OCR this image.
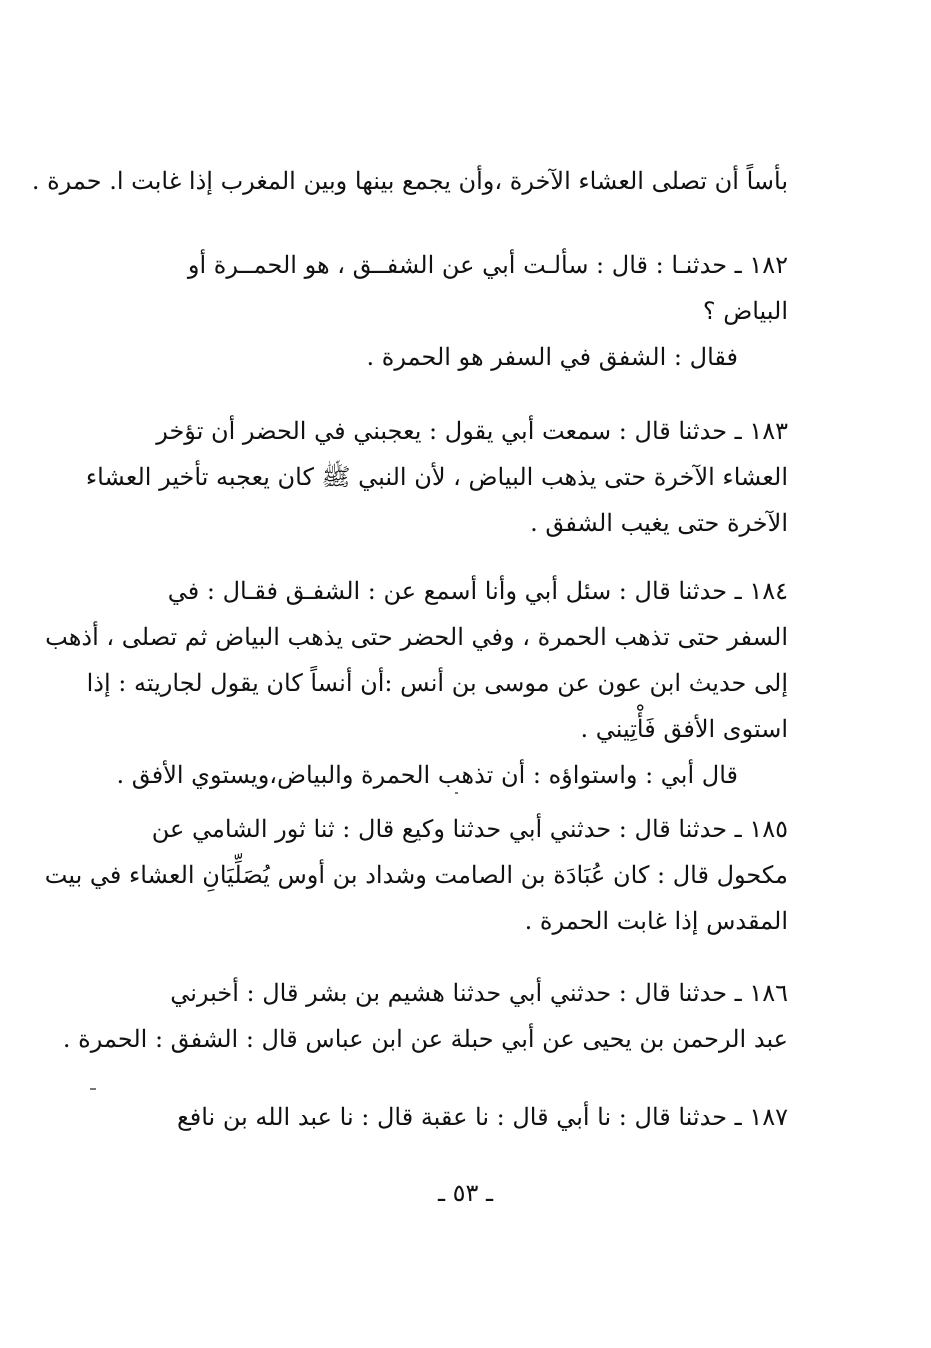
بأساً أن تصلى العشاء الآخرة ،وأن يجمع بينها وبين المغرب إذا غابت ا. حمرة .
١٨٢ ـ حدثنـا : قال : سألـت أبي عن الشفــق ، هو الحمــرة أو
البياض ؟
فقال : الشفق في السفر هو الحمرة .
١٨٣ ـ حدثنا قال : سمعت أبي يقول : يعجبني في الحضر أن تؤخر
العشاء الآخرة حتى يذهب البياض ، لأن النبي ﷺ كان يعجبه تأخير العشاء
الآخرة حتى يغيب الشفق .
١٨٤ ـ حدثنا قال : سئل أبي وأنا أسمع عن : الشفـق فقـال : في
السفر حتى تذهب الحمرة ، وفي الحضر حتى يذهب البياض ثم تصلى ، أذهب
إلى حديث ابن عون عن موسى بن أنس :أن أنساً كان يقول لجاريته : إذا
استوى الأفق فَأْتِيني .
قال أبي : واستواؤه : أن تذهب الحمرة والبياض،ويستوي الأفق .
١٨٥ ـ حدثنا قال : حدثني أبي حدثنا وكيع قال : ثنا ثور الشامي عن
مكحول قال : كان عُبَادَة بن الصامت وشداد بن أوس يُصَلِّيَانِ العشاء في بيت
المقدس إذا غابت الحمرة .
١٨٦ ـ حدثنا قال : حدثني أبي حدثنا هشيم بن بشر قال : أخبرني
عبد الرحمن بن يحيى عن أبي حبلة عن ابن عباس قال : الشفق : الحمرة .
١٨٧ ـ حدثنا قال : نا أبي قال : نا عقبة قال : نا عبد الله بن نافع
ـ ٥٣ ـ
